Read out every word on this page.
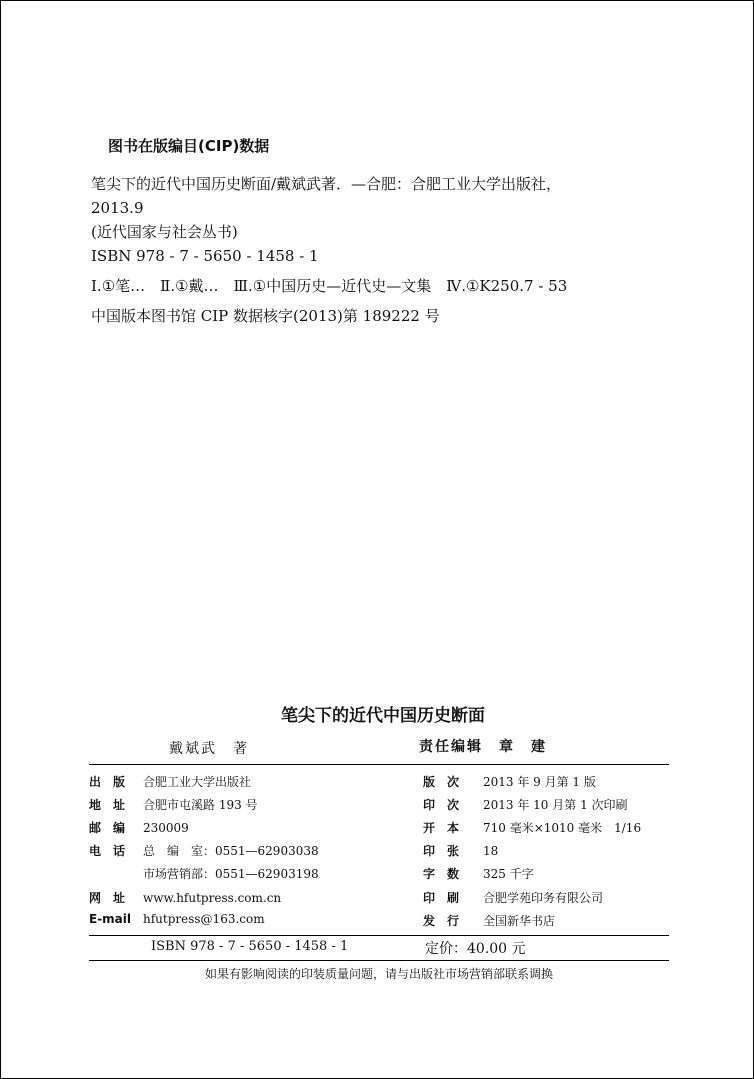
图书在版编目(CIP)数据

笔尖下的近代中国历史断面/戴斌武著．—合肥：合肥工业大学出版社，

2013.9

(近代国家与社会丛书)

ISBN 978 - 7 - 5650 - 1458 - 1

Ⅰ.①笔…　Ⅱ.①戴…　Ⅲ.①中国历史—近代史—文集　Ⅳ.①K250.7 - 53

中国版本图书馆 CIP 数据核字(2013)第 189222 号

笔尖下的近代中国历史断面

戴斌武　著	责任编辑　章　建
出　版 合肥工业大学出版社
地　址 合肥市屯溪路 193 号
邮　编 230009
电　话 总　编　室：0551—62903038
市场营销部：0551—62903198
网　址 www.hfutpress.com.cn
E-mail hfutpress@163.com
版　次 2013 年 9 月第 1 版
印　次 2013 年 10 月第 1 次印刷
开　本 710 毫米×1010 毫米　1/16
印　张 18
字　数 325 千字
印　刷 合肥学苑印务有限公司
发　行 全国新华书店
ISBN 978 - 7 - 5650 - 1458 - 1	定价：40.00 元

如果有影响阅读的印装质量问题，请与出版社市场营销部联系调换
